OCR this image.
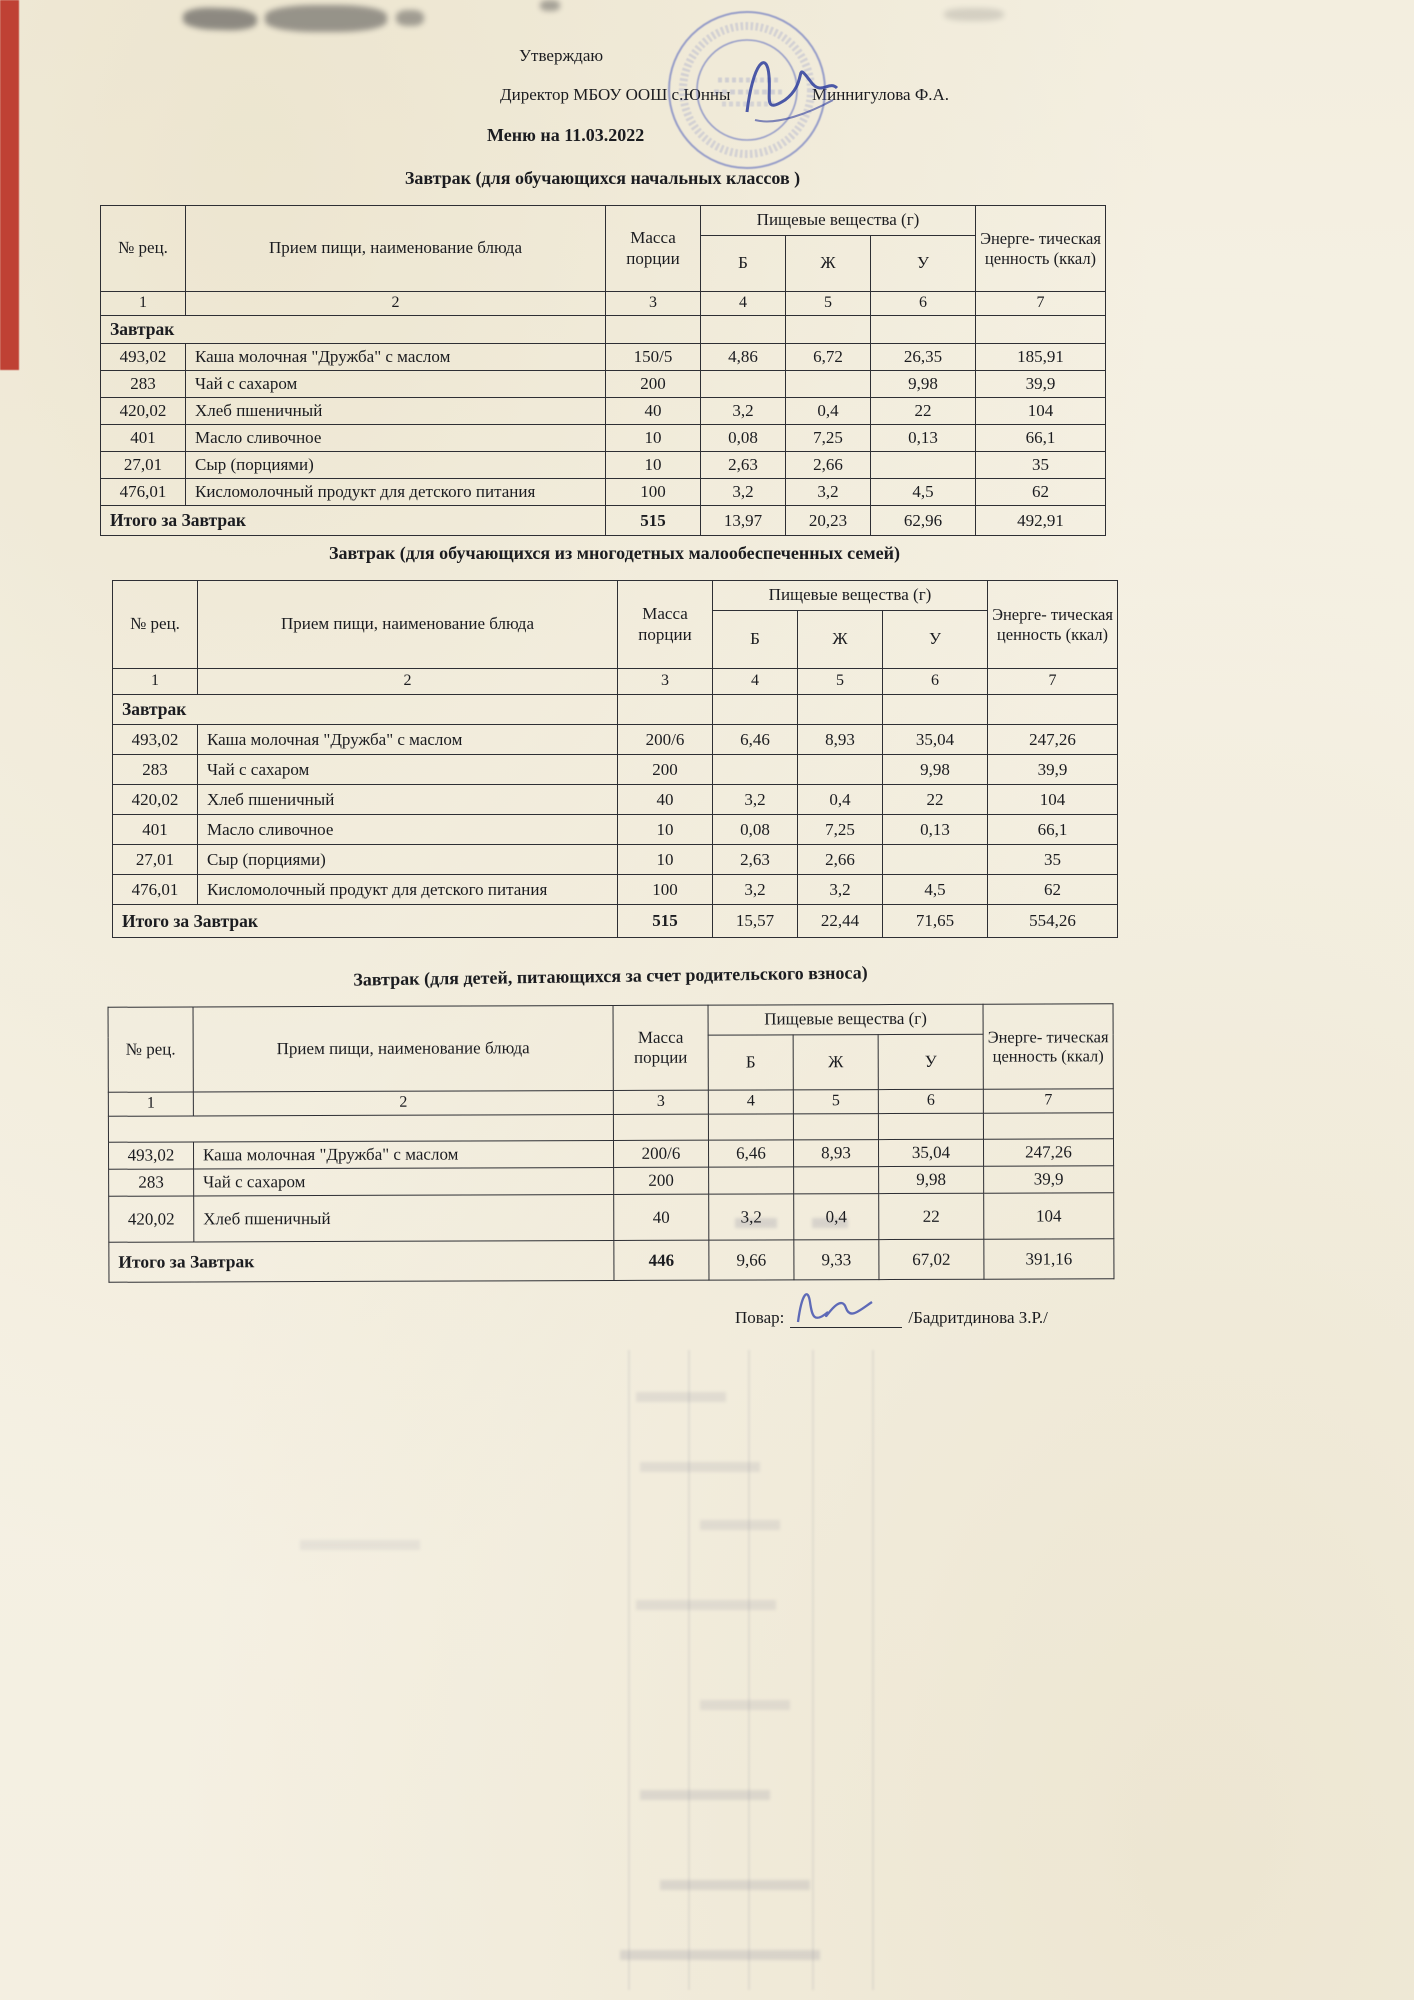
Утверждаю
Директор МБОУ ООШ с.Юнны	Миннигулова Ф.А.
Меню на 11.03.2022
Завтрак (для обучающихся начальных классов )
Завтрак (для обучающихся из многодетных малообеспеченных семей)
Завтрак (для детей, питающихся за счет родительского взноса)
№ рец.	Прием пищи, наименование блюда	Масса порции	Пищевые вещества (г)			Энерге- тическая ценность (ккал)
			Б	Ж	У	
1	2	3	4	5	6	7
Завтрак						
493,02	Каша молочная "Дружба" с маслом	150/5	4,86	6,72	26,35	185,91
283	Чай с сахаром	200			9,98	39,9
420,02	Хлеб пшеничный	40	3,2	0,4	22	104
401	Масло сливочное	10	0,08	7,25	0,13	66,1
27,01	Сыр (порциями)	10	2,63	2,66		35
476,01	Кисломолочный продукт для детского питания	100	3,2	3,2	4,5	62
Итого за Завтрак		515	13,97	20,23	62,96	492,91
№ рец.	Прием пищи, наименование блюда	Масса порции	Пищевые вещества (г)			Энерге- тическая ценность (ккал)
			Б	Ж	У	
1	2	3	4	5	6	7
Завтрак						
493,02	Каша молочная "Дружба" с маслом	200/6	6,46	8,93	35,04	247,26
283	Чай с сахаром	200			9,98	39,9
420,02	Хлеб пшеничный	40	3,2	0,4	22	104
401	Масло сливочное	10	0,08	7,25	0,13	66,1
27,01	Сыр (порциями)	10	2,63	2,66		35
476,01	Кисломолочный продукт для детского питания	100	3,2	3,2	4,5	62
Итого за Завтрак		515	15,57	22,44	71,65	554,26
№ рец.	Прием пищи, наименование блюда	Масса порции	Пищевые вещества (г)			Энерге- тическая ценность (ккал)
			Б	Ж	У	
1	2	3	4	5	6	7

493,02	Каша молочная "Дружба" с маслом	200/6	6,46	8,93	35,04	247,26
283	Чай с сахаром	200			9,98	39,9
420,02	Хлеб пшеничный	40	3,2	0,4	22	104
Итого за Завтрак		446	9,66	9,33	67,02	391,16
Повар:	/Бадритдинова З.Р./
